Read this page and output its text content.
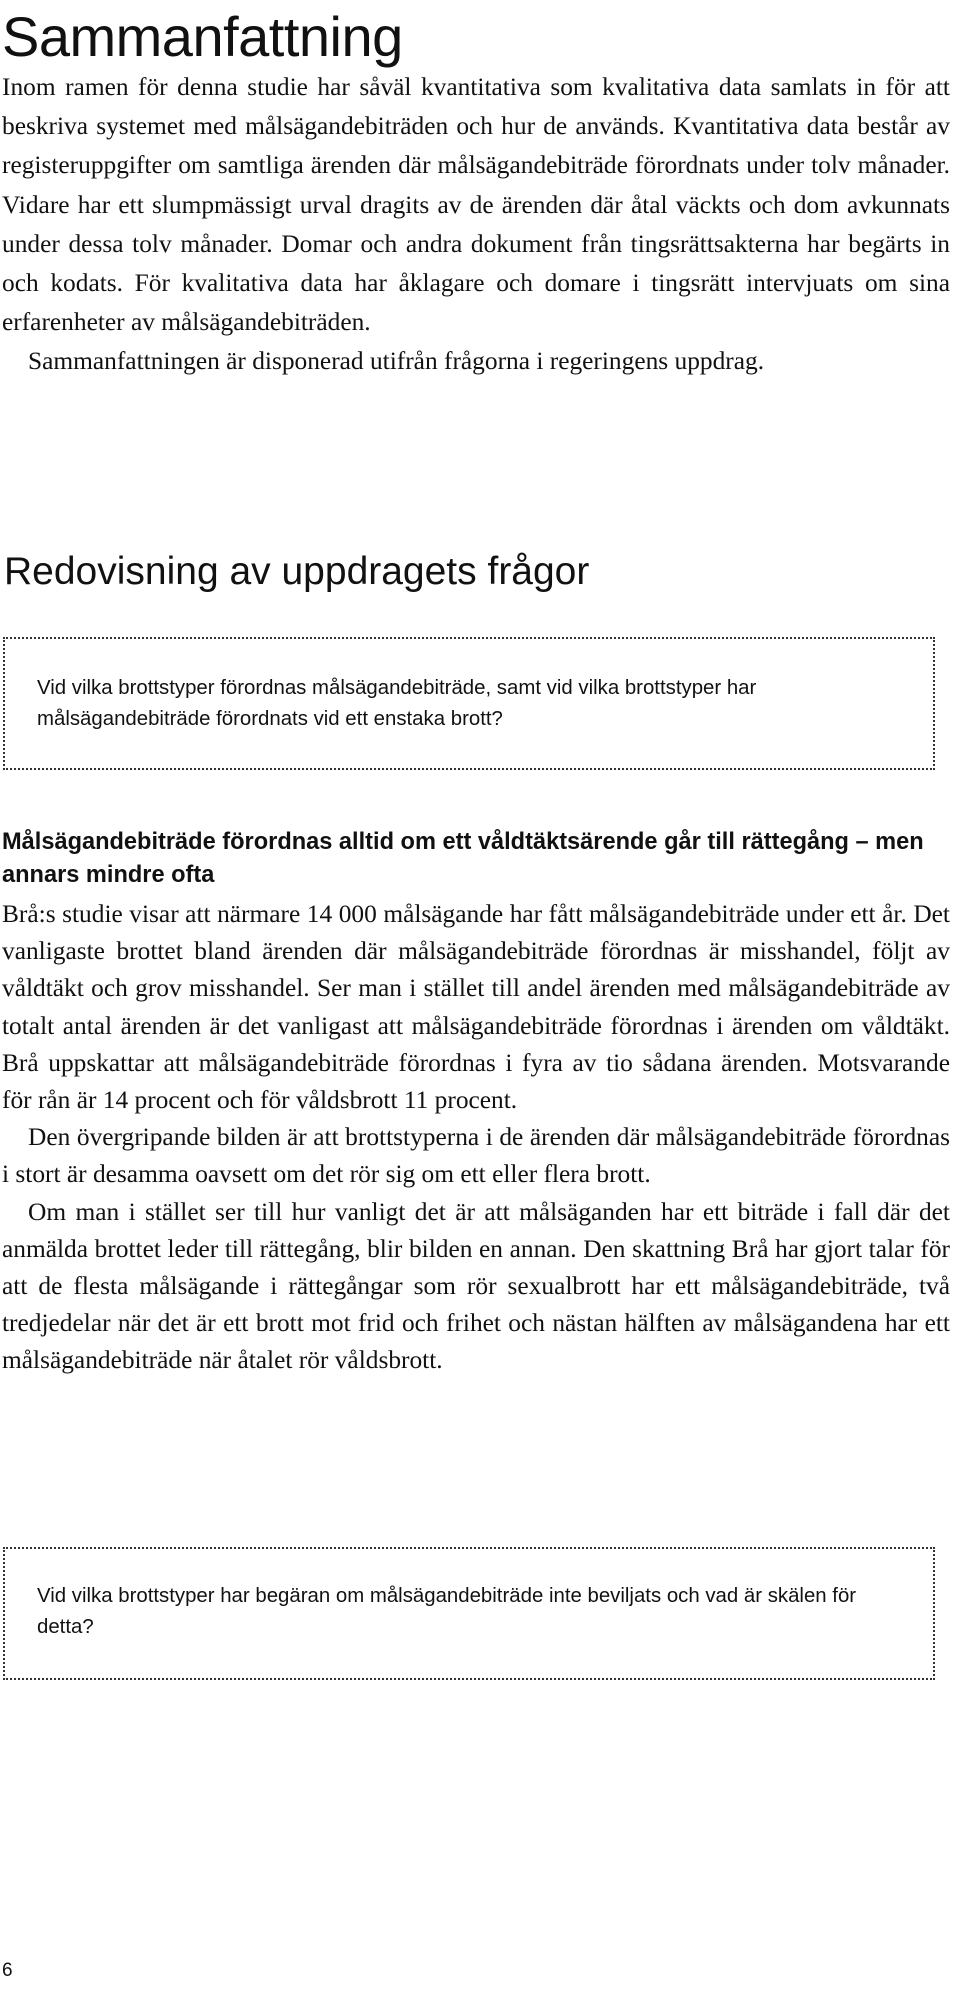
Sammanfattning

Inom ramen för denna studie har såväl kvantitativa som kvalitativa data samlats in för att beskriva systemet med målsägandebiträden och hur de används. Kvantitativa data består av registeruppgifter om samtliga ärenden där målsägandebiträde förordnats under tolv månader. Vidare har ett slumpmässigt urval dragits av de ärenden där åtal väckts och dom avkunnats under dessa tolv månader. Domar och andra dokument från tingsrättsakterna har begärts in och kodats. För kvalitativa data har åklagare och domare i tingsrätt intervjuats om sina erfarenheter av målsägandebiträden.

Sammanfattningen är disponerad utifrån frågorna i regeringens uppdrag.

Redovisning av uppdragets frågor
Vid vilka brottstyper förordnas målsägandebiträde, samt vid vilka brottstyper har målsägandebiträde förordnats vid ett enstaka brott?
Målsägandebiträde förordnas alltid om ett våldtäktsärende går till rättegång – men annars mindre ofta

Brå:s studie visar att närmare 14 000 målsägande har fått målsägandebiträde under ett år. Det vanligaste brottet bland ärenden där målsägandebiträde förordnas är misshandel, följt av våldtäkt och grov misshandel. Ser man i stället till andel ärenden med målsägandebiträde av totalt antal ärenden är det vanligast att målsägandebiträde förordnas i ärenden om våldtäkt. Brå uppskattar att målsägandebiträde förordnas i fyra av tio sådana ärenden. Motsvarande för rån är 14 procent och för våldsbrott 11 procent.

Den övergripande bilden är att brottstyperna i de ärenden där målsägandebiträde förordnas i stort är desamma oavsett om det rör sig om ett eller flera brott.

Om man i stället ser till hur vanligt det är att målsäganden har ett biträde i fall där det anmälda brottet leder till rättegång, blir bilden en annan. Den skattning Brå har gjort talar för att de flesta målsägande i rättegångar som rör sexualbrott har ett målsägandebiträde, två tredjedelar när det är ett brott mot frid och frihet och nästan hälften av målsägandena har ett målsägandebiträde när åtalet rör våldsbrott.

Vid vilka brottstyper har begäran om målsägandebiträde inte beviljats och vad är skälen för detta?
6
